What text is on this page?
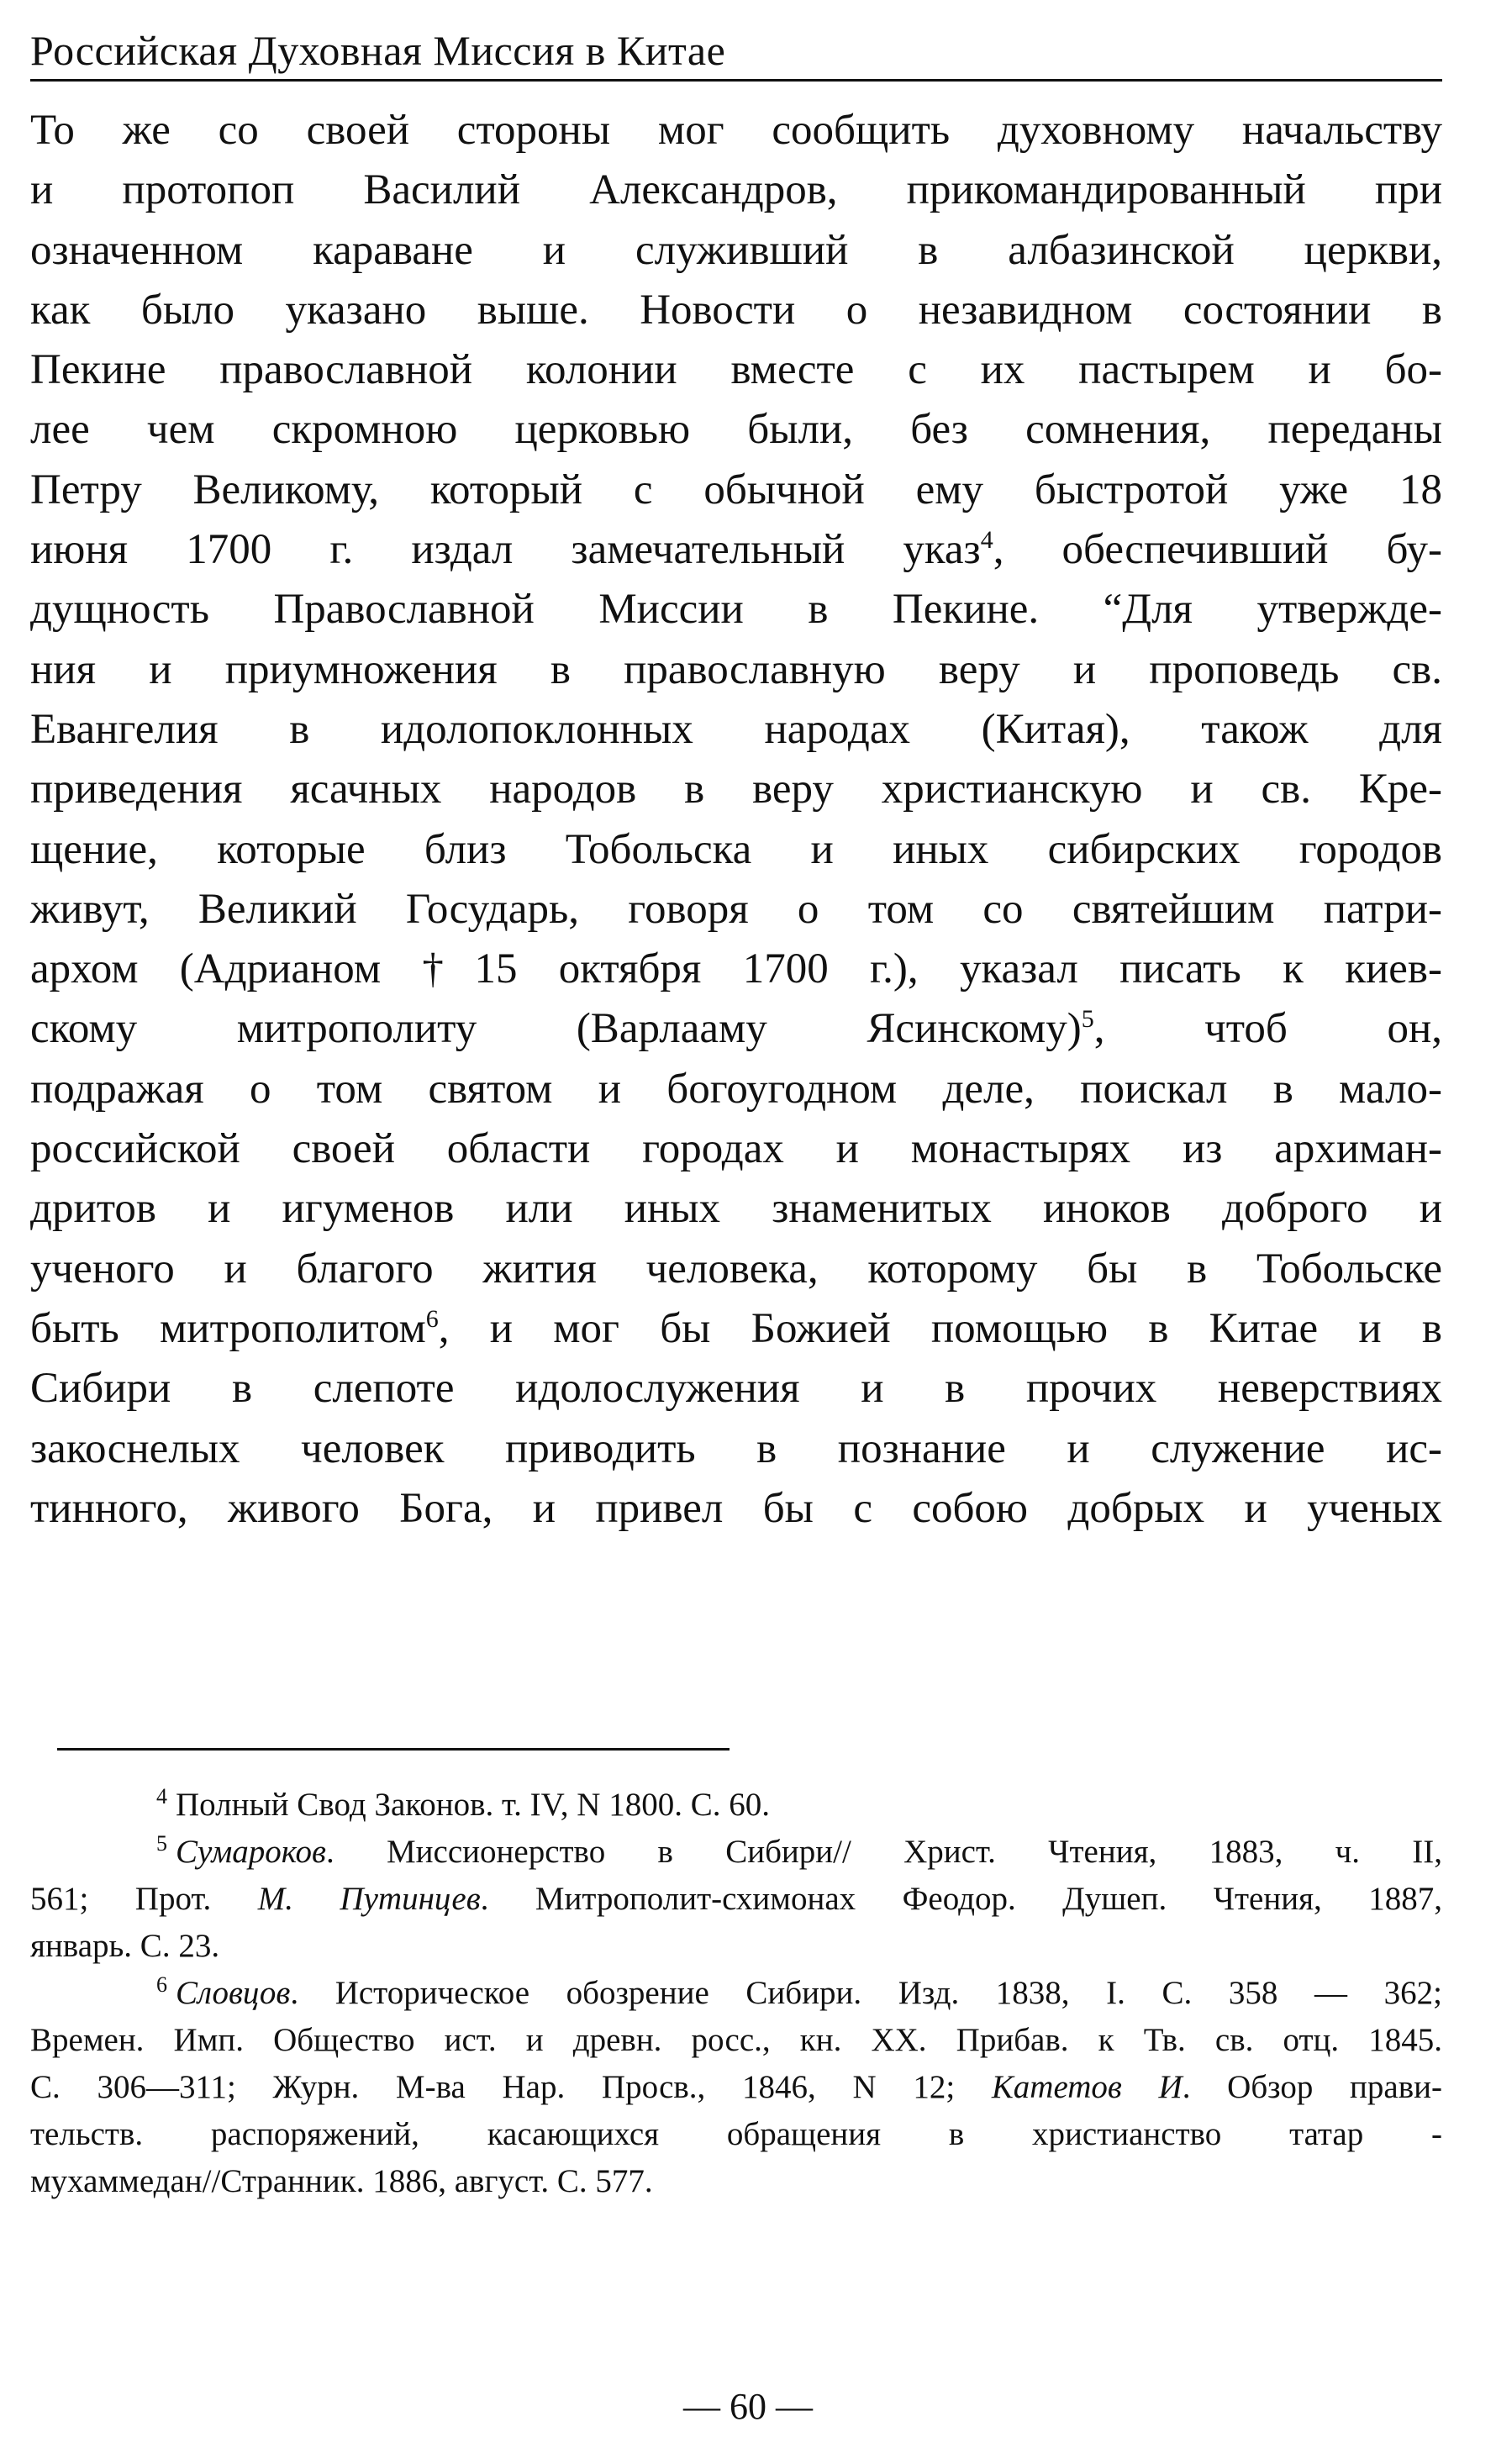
Российская Духовная Миссия в Китае
То же со своей стороны мог сообщить духовному начальству
и протопоп Василий Александров, прикомандированный при
означенном караване и служивший в албазинской церкви,
как было указано выше. Новости о незавидном состоянии в
Пекине православной колонии вместе с их пастырем и бо-
лее чем скромною церковью были, без сомнения, переданы
Петру Великому, который с обычной ему быстротой уже 18
июня 1700 г. издал замечательный указ$^4$, обеспечивший бу-
дущность Православной Миссии в Пекине. “Для утвержде-
ния и приумножения в православную веру и проповедь св.
Евангелия в идолопоклонных народах (Китая), також для
приведения ясачных народов в веру христианскую и св. Кре-
щение, которые близ Тобольска и иных сибирских городов
живут, Великий Государь, говоря о том со святейшим патри-
архом (Адрианом †15 октября 1700 г.), указал писать к киев-
скому митрополиту (Варлааму Ясинскому)$^5$, чтоб он,
подражая о том святом и богоугодном деле, поискал в мало-
российской своей области городах и монастырях из архиман-
дритов и игуменов или иных знаменитых иноков доброго и
ученого и благого жития человека, которому бы в Тобольске
быть митрополитом$^6$, и мог бы Божией помощью в Китае и в
Сибири в слепоте идолослужения и в прочих неверствиях
закоснелых человек приводить в познание и служение ис-
тинного, живого Бога, и привел бы с собою добрых и ученых
$^4$ Полный Свод Законов. т. IV, N 1800. С. 60.
$^5$ Сумароков. Миссионерство в Сибири// Христ. Чтения, 1883, ч. II,
561; Прот. М. Путинцев. Митрополит-схимонах Феодор. Душеп. Чтения, 1887,
январь. С. 23.
$^6$ Словцов. Историческое обозрение Сибири. Изд. 1838, I. С. 358 — 362;
Времен. Имп. Общество ист. и древн. росс., кн. XX. Прибав. к Тв. св. отц. 1845.
С. 306—311; Журн. М-ва Нар. Просв., 1846, N 12; Катетов И. Обзор прави-
тельств. распоряжений, касающихся обращения в христианство татар -
мухаммедан//Странник. 1886, август. С. 577.
— 60 —
